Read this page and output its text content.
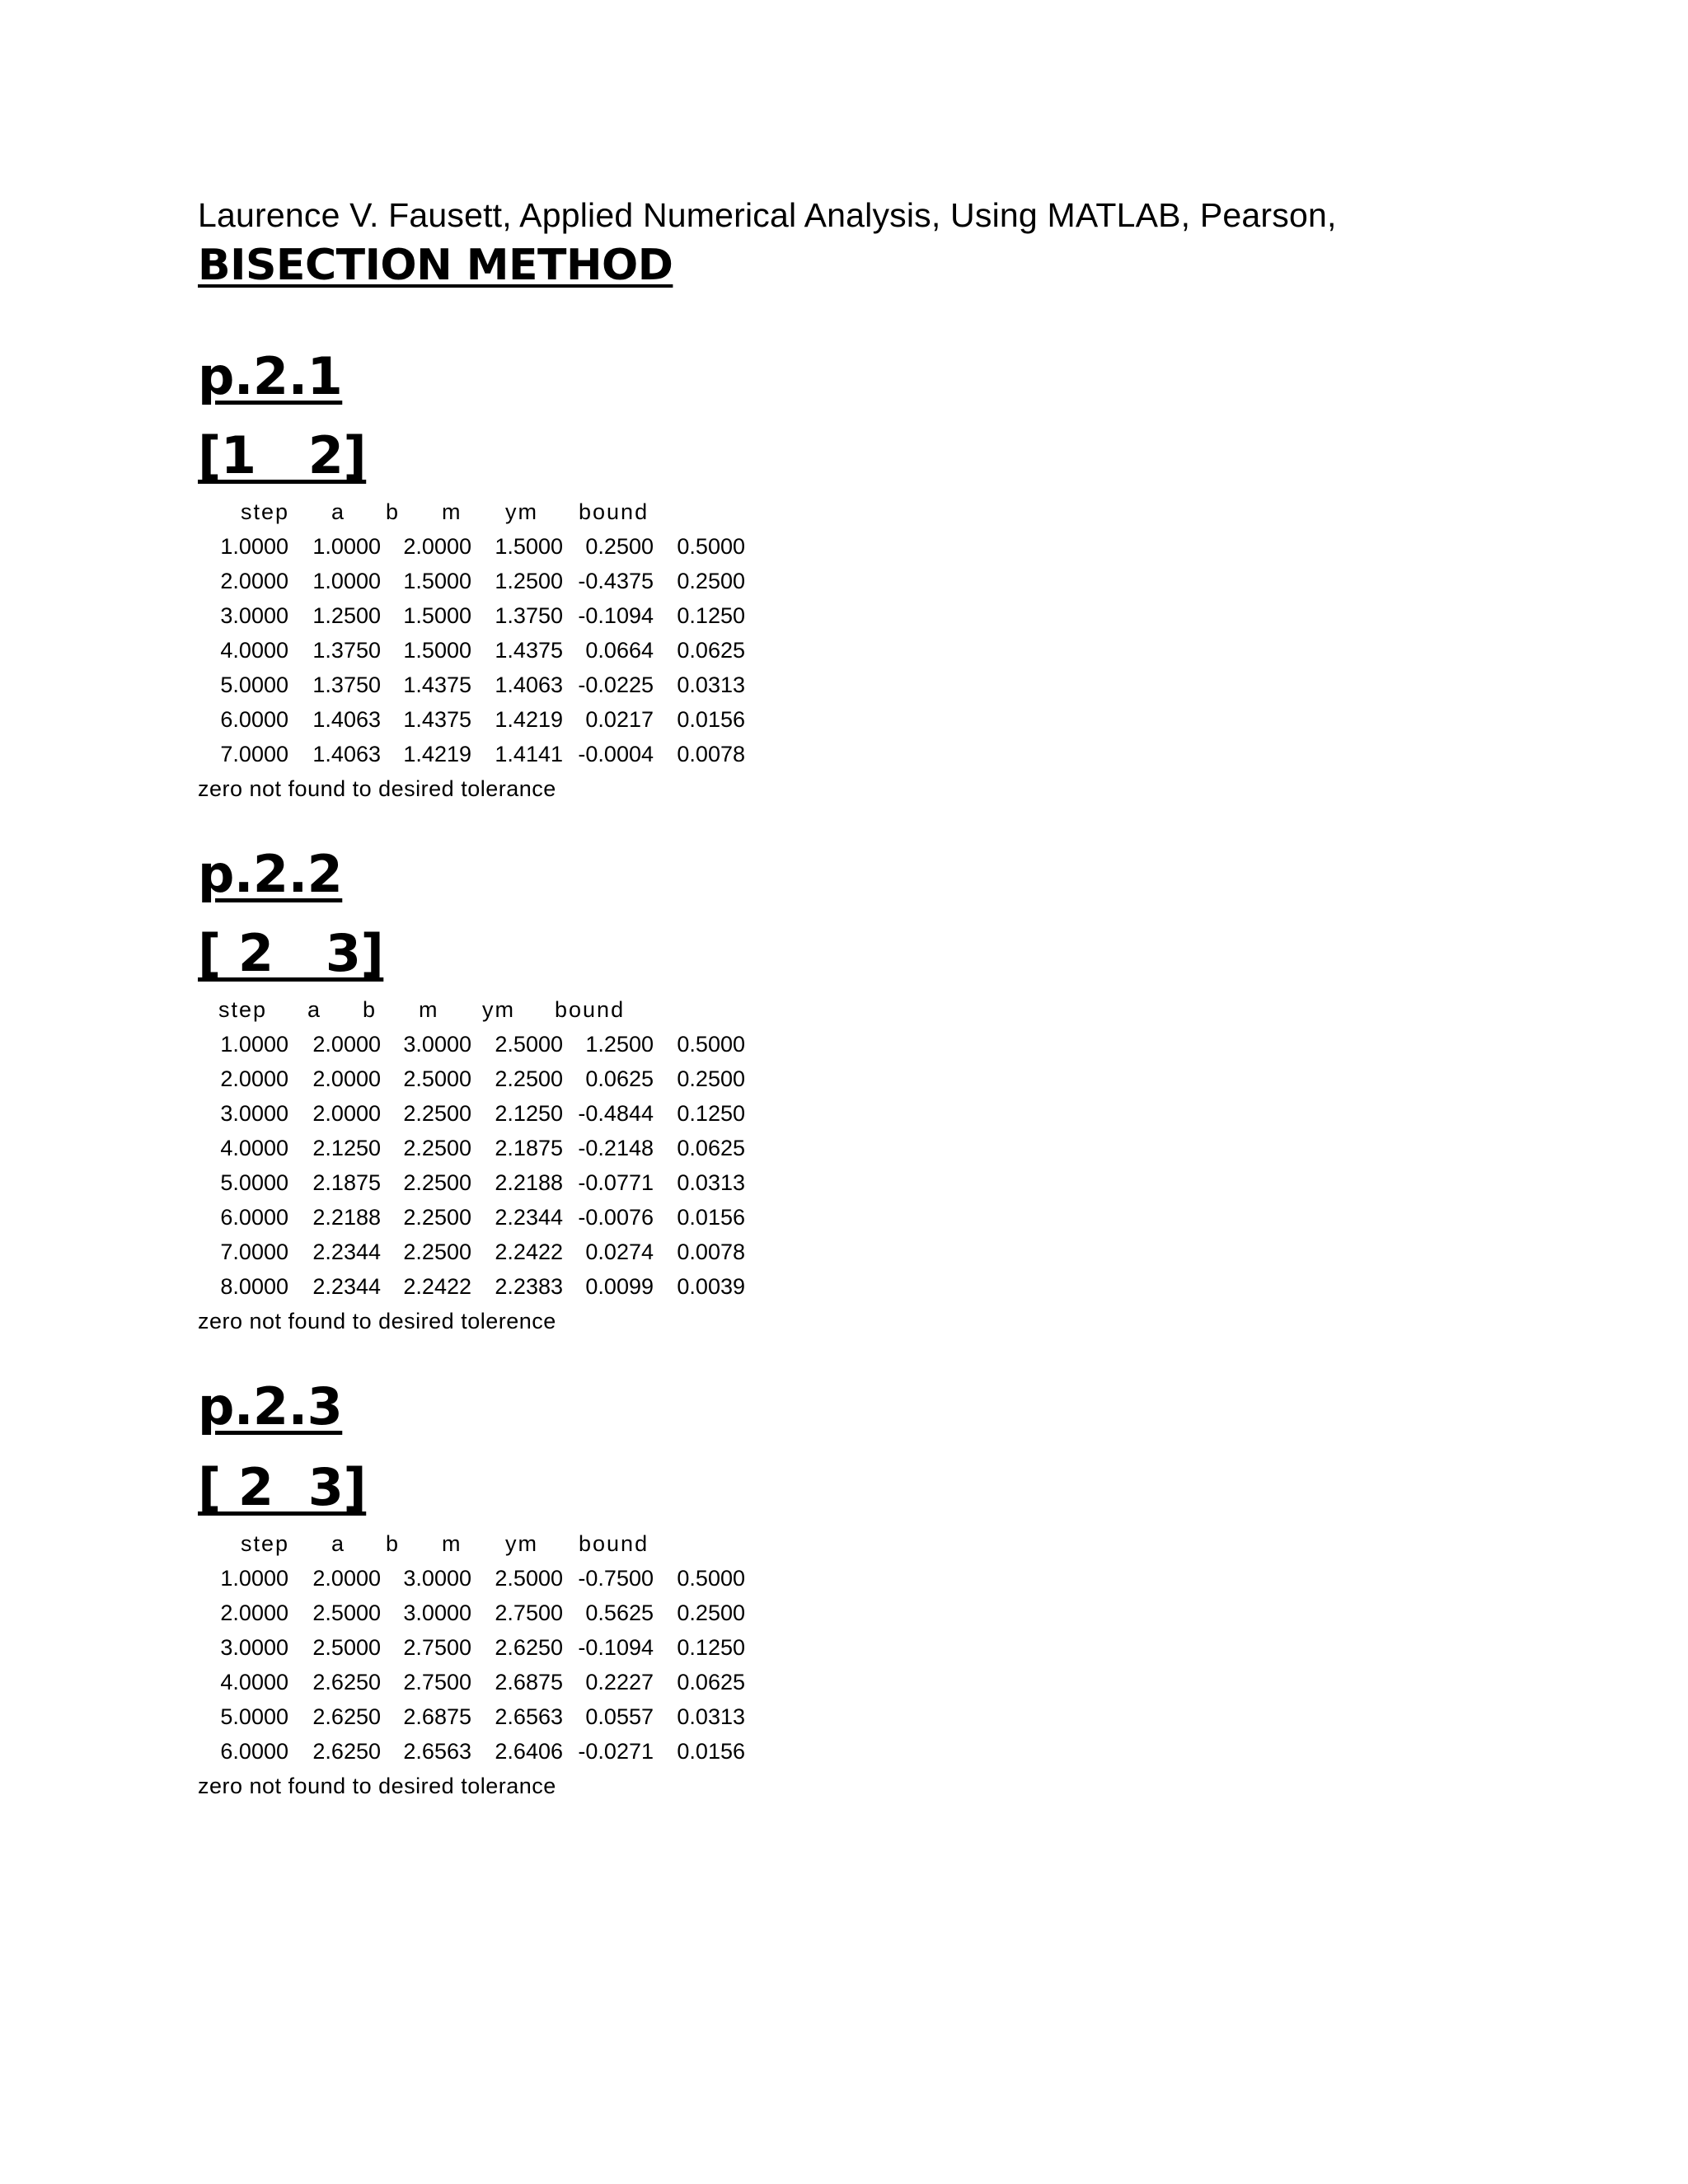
Laurence V. Fausett, Applied Numerical Analysis, Using MATLAB, Pearson,
BISECTION METHOD
p.2.1
[1   2]
step a b m ym bound
1.0000	1.0000	2.0000	1.5000	0.2500	0.5000
2.0000	1.0000	1.5000	1.2500 -0.4375	0.2500
3.0000	1.2500	1.5000	1.3750 -0.1094	0.1250
4.0000	1.3750	1.5000	1.4375	0.0664	0.0625
5.0000	1.3750	1.4375	1.4063 -0.0225	0.0313
6.0000	1.4063	1.4375	1.4219	0.0217	0.0156
7.0000	1.4063	1.4219	1.4141 -0.0004	0.0078
zero not found to desired tolerance
p.2.2
[ 2   3]
step a b m ym bound
1.0000	2.0000	3.0000	2.5000	1.2500	0.5000
2.0000	2.0000	2.5000	2.2500	0.0625	0.2500
3.0000	2.0000	2.2500	2.1250 -0.4844	0.1250
4.0000	2.1250	2.2500	2.1875 -0.2148	0.0625
5.0000	2.1875	2.2500	2.2188 -0.0771	0.0313
6.0000	2.2188	2.2500	2.2344 -0.0076	0.0156
7.0000	2.2344	2.2500	2.2422	0.0274	0.0078
8.0000	2.2344	2.2422	2.2383	0.0099	0.0039
zero not found to desired tolerence
p.2.3
[ 2  3]
step a b m ym bound
1.0000	2.0000	3.0000	2.5000 -0.7500	0.5000
2.0000	2.5000	3.0000	2.7500	0.5625	0.2500
3.0000	2.5000	2.7500	2.6250 -0.1094	0.1250
4.0000	2.6250	2.7500	2.6875	0.2227	0.0625
5.0000	2.6250	2.6875	2.6563	0.0557	0.0313
6.0000	2.6250	2.6563	2.6406 -0.0271	0.0156
zero not found to desired tolerance
